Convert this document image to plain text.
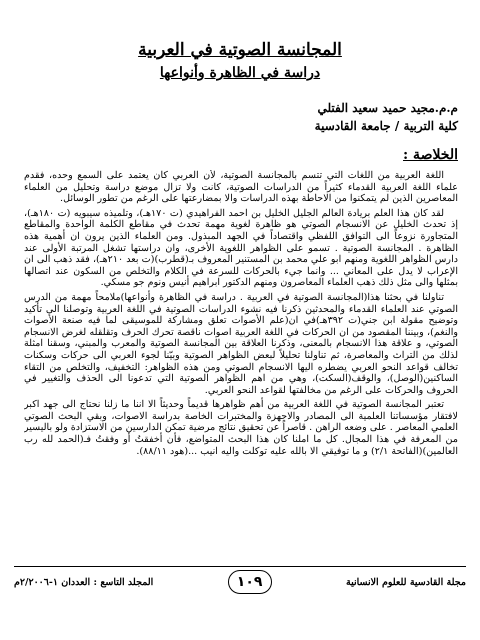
المجانسة الصوتية في العربية
دراسة في الظاهرة وأنواعها
م.م.مجيد حميد سعيد الفتلي
كلية التربية / جامعة القادسية
الخلاصة :

اللغة العربية من اللغات التي تتسم بالمجانسة الصوتية، لأن العربي كان يعتمد على السمع وحده، فقدم علماء اللغة العربية القدماء كثيراً من الدراسات الصوتية، كانت ولا تزال موضع دراسة وتحليل من العلماء المعاصرين الذين لم يتمكنوا من الاحاطة بهذه الدراسات والا بمضارعتها على الرغم من تطور الوسائل.

لقد كان هذا العلم بريادة العالم الجليل الخليل بن احمد الفراهيدي (ت ١٧٠هـ)، وتلميذه سيبويه (ت ١٨٠هـ)، إذ تحدث الخليل عن الانسجام الصوتي هو ظاهرة لغوية مهمة تحدث في مقاطع الكلمة الواحدة والمقاطع المتجاورة نزوعاً الى التوافق اللفظي واقتصاداً في الجهد المبذول. ومن العلماء الذين يرون ان أهمية هذه الظاهرة . المجانسة الصوتية . تسمو على الظواهر اللغوية الأخرى، وان دراستها تشغل المرتبة الأولى عند دارس الظواهر اللغوية ومنهم ابو علي محمد بن المستنير المعروف بـ(قطرب)(ت بعد ٢١٠هـ)، فقد ذهب الى ان الإعراب لا يدل على المعاني ... وانما جيء بالحركات للسرعة في الكلام والتخلص من السكون عند اتصالها بمثلها والى مثل ذلك ذهب العلماء المعاصرون ومنهم الدكتور ابراهيم أنيس ونوم جو مسكي.

تناولنا في بحثنا هذا(المجانسة الصوتية في العربية . دراسة في الظاهرة وأنواعها)ملامحاً مهمة من الدرس الصوتي عند العلماء القدماء والمحدثين ذكرنا فيه نشوء الدراسات الصوتية في اللغة العربية وتوصلنا الى تأكيد وتوضيح مقولة ابن جني(ت ٣٩٢هـ)في ان(علم الأصوات تعلق ومشاركة للموسيقى لما فيه صنعة الأصوات والنغم)، وبيننا المقصود من ان الحركات في اللغة العربية اصوات ناقصة تحرك الحرف وتقلقله لغرض الانسجام الصوتي، و علاقة هذا الانسجام بالمعنى، وذكرنا العلاقة بين المجانسة الصوتية والمعرب والمبني، وسقنا امثلة لذلك من التراث والمعاصرة، ثم تناولنا تحليلاً لبعض الظواهر الصوتية وبيّنا لجوء العربي الى حركات وسكنات تخالف قواعد النحو العربي يضطره اليها الانسجام الصوتي ومن هذه الظواهر: التخفيف، والتخلص من التقاء الساكنين(الوصل)، والوقف(السكت)، وهي من اهم الظواهر الصوتية التي تدعونا الى الحذف والتغيير في الحروف والحركات على الرغم من مخالفتها لقواعد النحو العربي.

تعتبر المجانسة الصوتية في اللغة العربية من أهم ظواهرها قديماً وحديثاً الا اننا ما زلنا نحتاج الى جهد اكبر لافتقار مؤسساتنا العلمية الى المصادر والاجهزة والمختبرات الخاصة بدراسة الاصوات، وبقي البحث الصوتي العلمي المعاصر . على وضعه الراهن . قاصراً عن تحقيق نتائج مرضية تمكن الدارسين من الاستزادة ولو باليسير من المعرفة في هذا المجال. كل ما املنا كان هذا البحث المتواضع، فأن أخفقتُ أو وفقتُ فـ(الحمد لله رب العالمين)(الفاتحة ٢/١) و ما توفيقي الا بالله عليه توكلت واليه انيب ...(هود ٨٨/١١).

المجلد التاسع : العددان ١-٢/٢٠٠٦م	١٠٩	مجلة القادسية للعلوم الانسانية
